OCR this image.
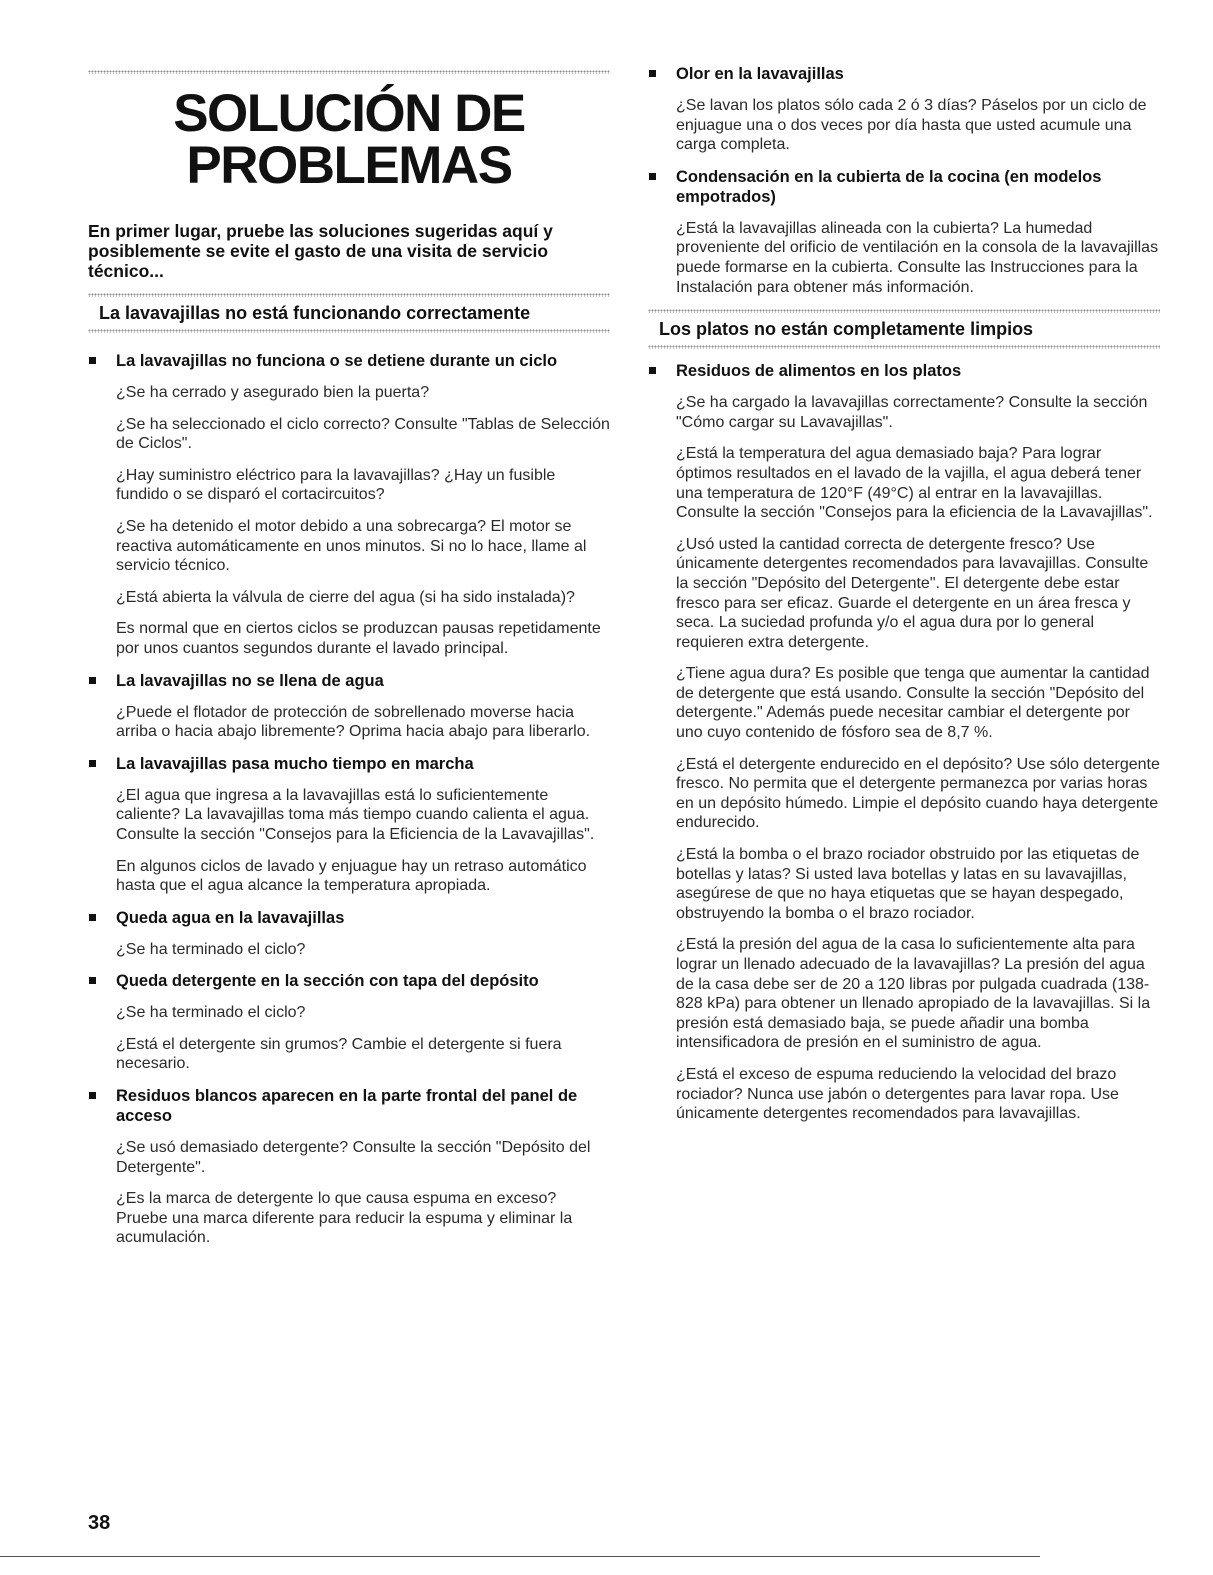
SOLUCIÓN DE
PROBLEMAS

En primer lugar, pruebe las soluciones sugeridas aquí y posiblemente se evite el gasto de una visita de servicio técnico...

La lavavajillas no está funcionando correctamente
La lavavajillas no funciona o se detiene durante un ciclo

¿Se ha cerrado y asegurado bien la puerta?

¿Se ha seleccionado el ciclo correcto? Consulte "Tablas de Selección de Ciclos".

¿Hay suministro eléctrico para la lavavajillas? ¿Hay un fusible fundido o se disparó el cortacircuitos?

¿Se ha detenido el motor debido a una sobrecarga? El motor se reactiva automáticamente en unos minutos. Si no lo hace, llame al servicio técnico.

¿Está abierta la válvula de cierre del agua (si ha sido instalada)?

Es normal que en ciertos ciclos se produzcan pausas repetidamente por unos cuantos segundos durante el lavado principal.

La lavavajillas no se llena de agua

¿Puede el flotador de protección de sobrellenado moverse hacia arriba o hacia abajo libremente? Oprima hacia abajo para liberarlo.

La lavavajillas pasa mucho tiempo en marcha

¿El agua que ingresa a la lavavajillas está lo suficientemente caliente? La lavavajillas toma más tiempo cuando calienta el agua. Consulte la sección "Consejos para la Eficiencia de la Lavavajillas".

En algunos ciclos de lavado y enjuague hay un retraso automático hasta que el agua alcance la temperatura apropiada.

Queda agua en la lavavajillas

¿Se ha terminado el ciclo?

Queda detergente en la sección con tapa del depósito

¿Se ha terminado el ciclo?

¿Está el detergente sin grumos? Cambie el detergente si fuera necesario.

Residuos blancos aparecen en la parte frontal del panel de acceso

¿Se usó demasiado detergente? Consulte la sección "Depósito del Detergente".

¿Es la marca de detergente lo que causa espuma en exceso? Pruebe una marca diferente para reducir la espuma y eliminar la acumulación.

Olor en la lavavajillas

¿Se lavan los platos sólo cada 2 ó 3 días? Páselos por un ciclo de enjuague una o dos veces por día hasta que usted acumule una carga completa.

Condensación en la cubierta de la cocina (en modelos empotrados)

¿Está la lavavajillas alineada con la cubierta? La humedad proveniente del orificio de ventilación en la consola de la lavavajillas puede formarse en la cubierta. Consulte las Instrucciones para la Instalación para obtener más información.

Los platos no están completamente limpios
Residuos de alimentos en los platos

¿Se ha cargado la lavavajillas correctamente? Consulte la sección "Cómo cargar su Lavavajillas".

¿Está la temperatura del agua demasiado baja? Para lograr óptimos resultados en el lavado de la vajilla, el agua deberá tener una temperatura de 120°F (49°C) al entrar en la lavavajillas. Consulte la sección "Consejos para la eficiencia de la Lavavajillas".

¿Usó usted la cantidad correcta de detergente fresco? Use únicamente detergentes recomendados para lavavajillas. Consulte la sección "Depósito del Detergente". El detergente debe estar fresco para ser eficaz. Guarde el detergente en un área fresca y seca. La suciedad profunda y/o el agua dura por lo general requieren extra detergente.

¿Tiene agua dura? Es posible que tenga que aumentar la cantidad de detergente que está usando. Consulte la sección "Depósito del detergente." Además puede necesitar cambiar el detergente por uno cuyo contenido de fósforo sea de 8,7 %.

¿Está el detergente endurecido en el depósito? Use sólo detergente fresco. No permita que el detergente permanezca por varias horas en un depósito húmedo. Limpie el depósito cuando haya detergente endurecido.

¿Está la bomba o el brazo rociador obstruido por las etiquetas de botellas y latas? Si usted lava botellas y latas en su lavavajillas, asegúrese de que no haya etiquetas que se hayan despegado, obstruyendo la bomba o el brazo rociador.

¿Está la presión del agua de la casa lo suficientemente alta para lograr un llenado adecuado de la lavavajillas? La presión del agua de la casa debe ser de 20 a 120 libras por pulgada cuadrada (138-828 kPa) para obtener un llenado apropiado de la lavavajillas. Si la presión está demasiado baja, se puede añadir una bomba intensificadora de presión en el suministro de agua.

¿Está el exceso de espuma reduciendo la velocidad del brazo rociador? Nunca use jabón o detergentes para lavar ropa. Use únicamente detergentes recomendados para lavavajillas.

38
